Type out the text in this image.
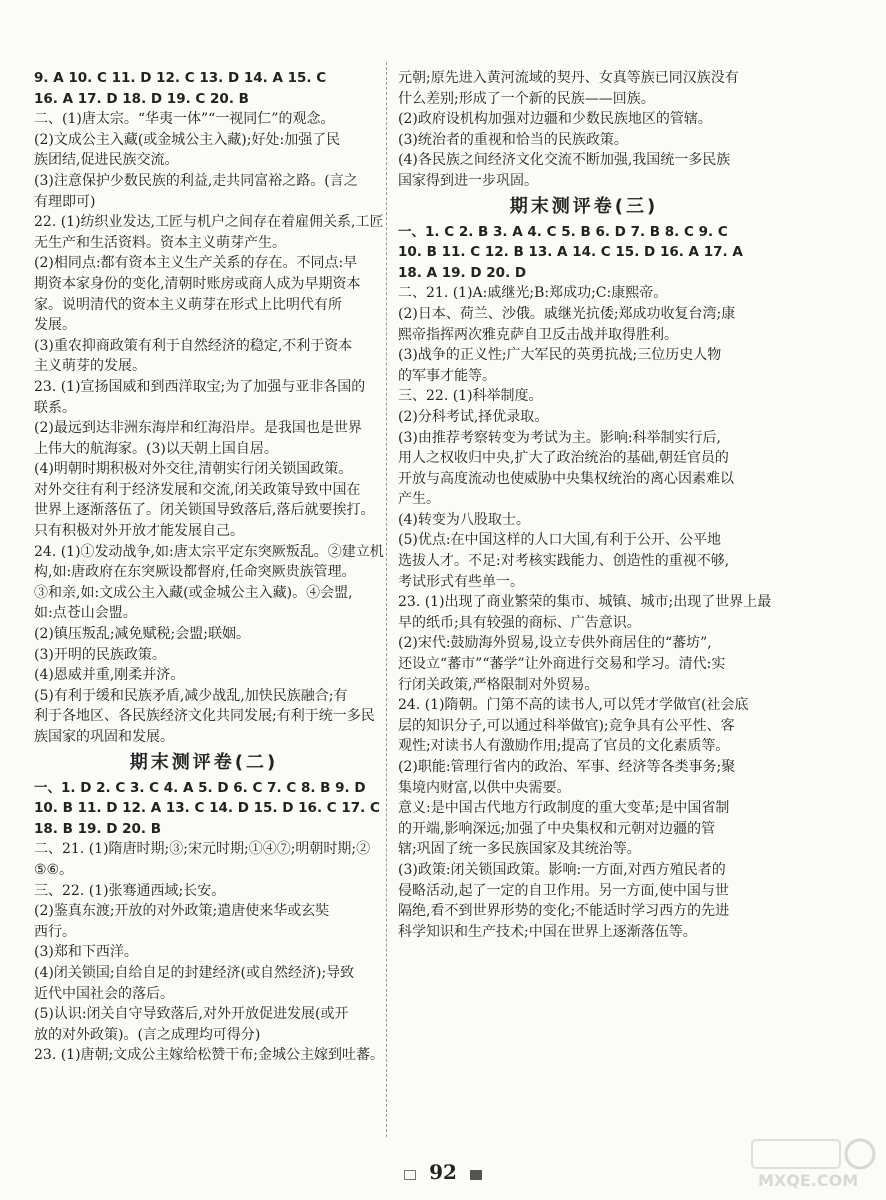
9. A 10. C 11. D 12. C 13. D 14. A 15. C
16. A 17. D 18. D 19. C 20. B
二、(1)唐太宗。“华夷一体”“一视同仁”的观念。
(2)文成公主入藏(或金城公主入藏);好处:加强了民
族团结,促进民族交流。
(3)注意保护少数民族的利益,走共同富裕之路。(言之
有理即可)
22. (1)纺织业发达,工匠与机户之间存在着雇佣关系,工匠
无生产和生活资料。资本主义萌芽产生。
(2)相同点:都有资本主义生产关系的存在。不同点:早
期资本家身份的变化,清朝时账房或商人成为早期资本
家。说明清代的资本主义萌芽在形式上比明代有所
发展。
(3)重农抑商政策有利于自然经济的稳定,不利于资本
主义萌芽的发展。
23. (1)宣扬国威和到西洋取宝;为了加强与亚非各国的
联系。
(2)最远到达非洲东海岸和红海沿岸。是我国也是世界
上伟大的航海家。(3)以天朝上国自居。
(4)明朝时期积极对外交往,清朝实行闭关锁国政策。
对外交往有利于经济发展和交流,闭关政策导致中国在
世界上逐渐落伍了。闭关锁国导致落后,落后就要挨打。
只有积极对外开放才能发展自己。
24. (1)①发动战争,如:唐太宗平定东突厥叛乱。②建立机
构,如:唐政府在东突厥设都督府,任命突厥贵族管理。
③和亲,如:文成公主入藏(或金城公主入藏)。④会盟,
如:点苍山会盟。
(2)镇压叛乱;减免赋税;会盟;联姻。
(3)开明的民族政策。
(4)恩威并重,刚柔并济。
(5)有利于缓和民族矛盾,减少战乱,加快民族融合;有
利于各地区、各民族经济文化共同发展;有利于统一多民
族国家的巩固和发展。
期末测评卷(二)
一、1. D 2. C 3. C 4. A 5. D 6. C 7. C 8. B 9. D
10. B 11. D 12. A 13. C 14. D 15. D 16. C 17. C
18. B 19. D 20. B
二、21. (1)隋唐时期;③;宋元时期;①④⑦;明朝时期;②
⑤⑥。
三、22. (1)张骞通西域;长安。
(2)鉴真东渡;开放的对外政策;遣唐使来华或玄奘
西行。
(3)郑和下西洋。
(4)闭关锁国;自给自足的封建经济(或自然经济);导致
近代中国社会的落后。
(5)认识:闭关自守导致落后,对外开放促进发展(或开
放的对外政策)。(言之成理均可得分)
23. (1)唐朝;文成公主嫁给松赞干布;金城公主嫁到吐蕃。
元朝;原先进入黄河流域的契丹、女真等族已同汉族没有
什么差别;形成了一个新的民族——回族。
(2)政府设机构加强对边疆和少数民族地区的管辖。
(3)统治者的重视和恰当的民族政策。
(4)各民族之间经济文化交流不断加强,我国统一多民族
国家得到进一步巩固。
期末测评卷(三)
一、1. C 2. B 3. A 4. C 5. B 6. D 7. B 8. C 9. C
10. B 11. C 12. B 13. A 14. C 15. D 16. A 17. A
18. A 19. D 20. D
二、21. (1)A:戚继光;B:郑成功;C:康熙帝。
(2)日本、荷兰、沙俄。戚继光抗倭;郑成功收复台湾;康
熙帝指挥两次雅克萨自卫反击战并取得胜利。
(3)战争的正义性;广大军民的英勇抗战;三位历史人物
的军事才能等。
三、22. (1)科举制度。
(2)分科考试,择优录取。
(3)由推荐考察转变为考试为主。影响:科举制实行后,
用人之权收归中央,扩大了政治统治的基础,朝廷官员的
开放与高度流动也使威胁中央集权统治的离心因素难以
产生。
(4)转变为八股取士。
(5)优点:在中国这样的人口大国,有利于公开、公平地
选拔人才。不足:对考核实践能力、创造性的重视不够,
考试形式有些单一。
23. (1)出现了商业繁荣的集市、城镇、城市;出现了世界上最
早的纸币;具有较强的商标、广告意识。
(2)宋代:鼓励海外贸易,设立专供外商居住的“蕃坊”,
还设立“蕃市”“蕃学”让外商进行交易和学习。清代:实
行闭关政策,严格限制对外贸易。
24. (1)隋朝。门第不高的读书人,可以凭才学做官(社会底
层的知识分子,可以通过科举做官);竞争具有公平性、客
观性;对读书人有激励作用;提高了官员的文化素质等。
(2)职能:管理行省内的政治、军事、经济等各类事务;聚
集境内财富,以供中央需要。
意义:是中国古代地方行政制度的重大变革;是中国省制
的开端,影响深远;加强了中央集权和元朝对边疆的管
辖;巩固了统一多民族国家及其统治等。
(3)政策:闭关锁国政策。影响:一方面,对西方殖民者的
侵略活动,起了一定的自卫作用。另一方面,使中国与世
隔绝,看不到世界形势的变化;不能适时学习西方的先进
科学知识和生产技术;中国在世界上逐渐落伍等。
92	MXQE.COM
